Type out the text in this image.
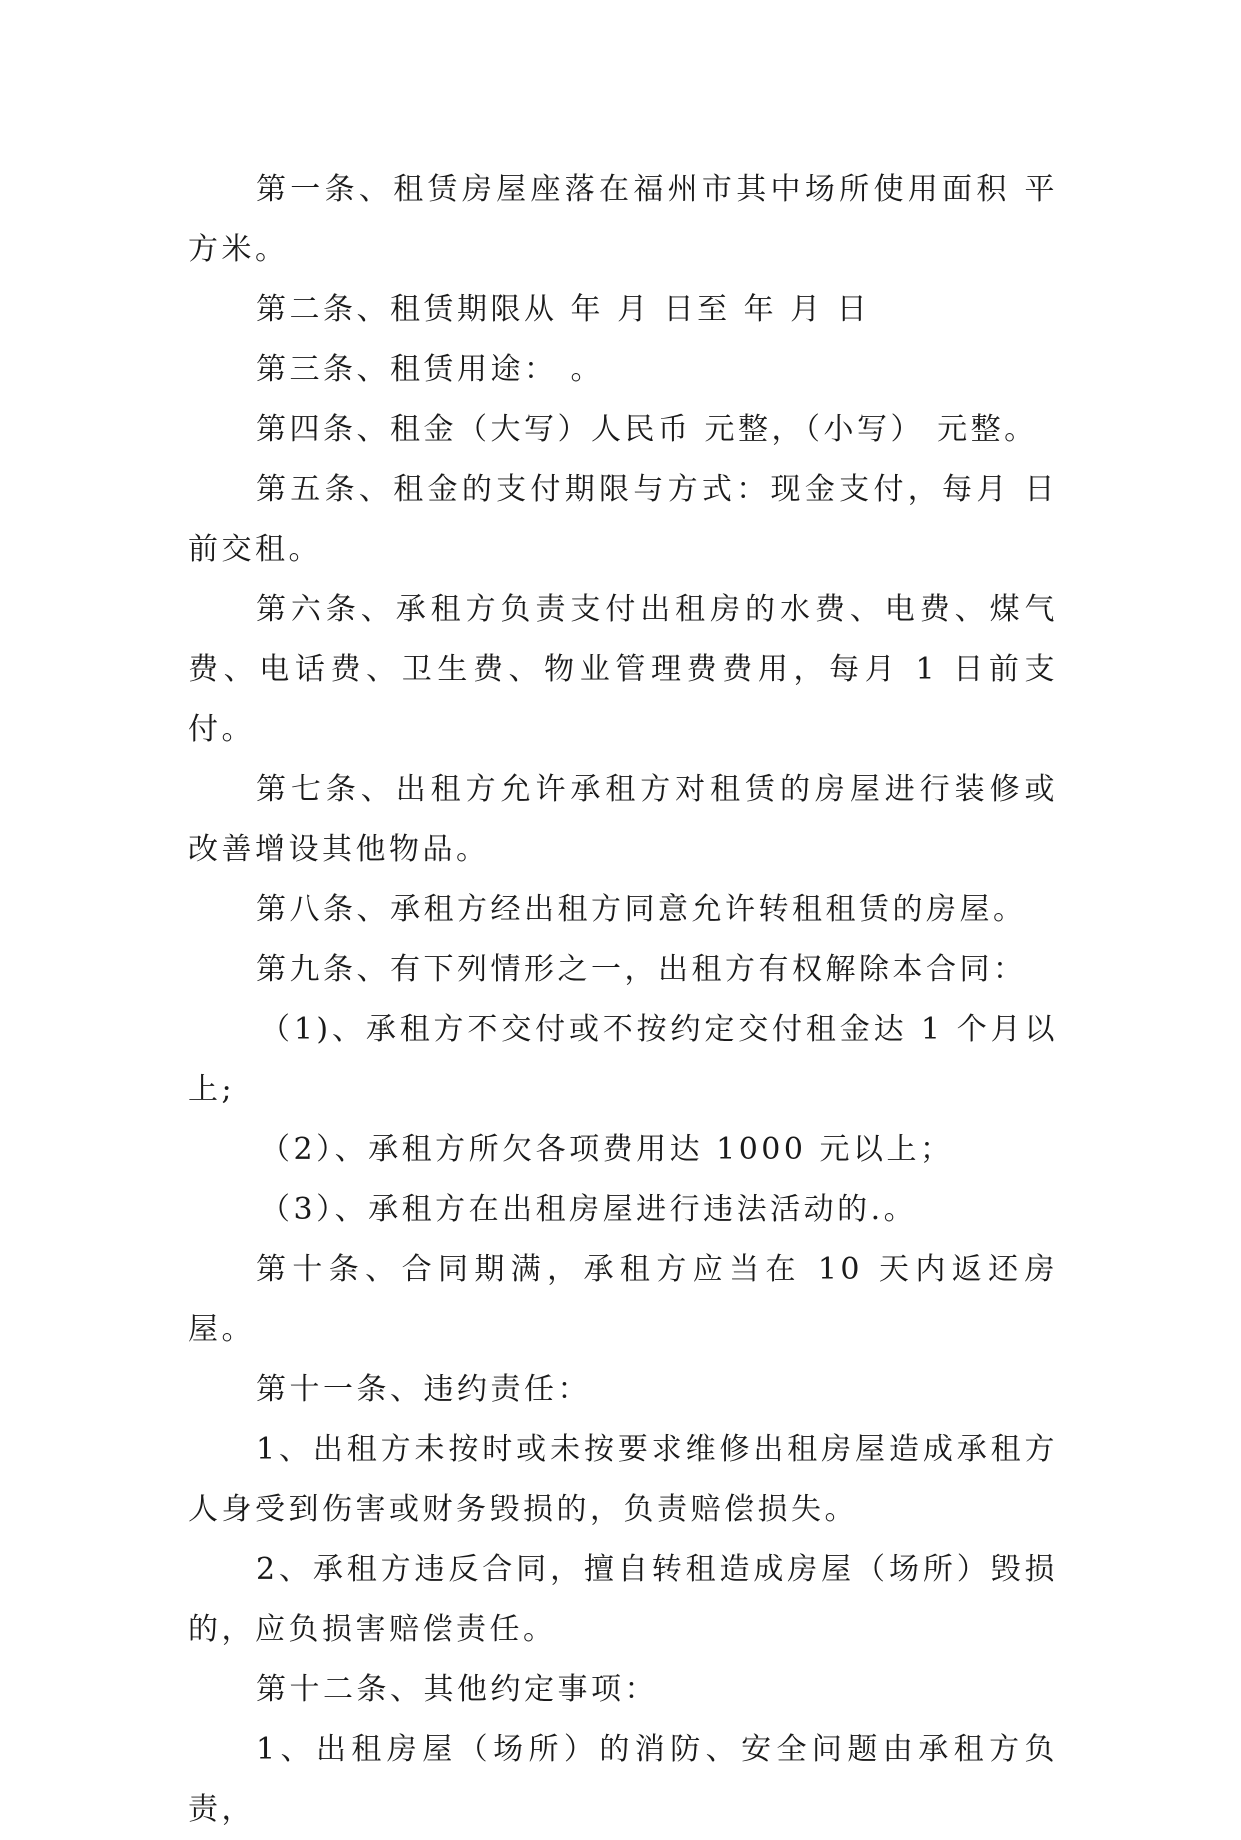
第一条、租赁房屋座落在福州市其中场所使用面积 平方米。

第二条、租赁期限从 年 月 日至 年 月 日

第三条、租赁用途： 。

第四条、租金（大写）人民币 元整，（小写） 元整。

第五条、租金的支付期限与方式：现金支付，每月 日前交租。

第六条、承租方负责支付出租房的水费、电费、煤气费、电话费、卫生费、物业管理费费用，每月 1 日前支付。

第七条、出租方允许承租方对租赁的房屋进行装修或改善增设其他物品。

第八条、承租方经出租方同意允许转租租赁的房屋。

第九条、有下列情形之一，出租方有权解除本合同：

（1)、承租方不交付或不按约定交付租金达 1 个月以上;

（2）、承租方所欠各项费用达 1000 元以上；

（3）、承租方在出租房屋进行违法活动的.。

第十条、合同期满，承租方应当在 10 天内返还房屋。

第十一条、违约责任：

1、出租方未按时或未按要求维修出租房屋造成承租方人身受到伤害或财务毁损的，负责赔偿损失。

2、承租方违反合同，擅自转租造成房屋（场所）毁损的，应负损害赔偿责任。

第十二条、其他约定事项：

1、出租房屋（场所）的消防、安全问题由承租方负责，
